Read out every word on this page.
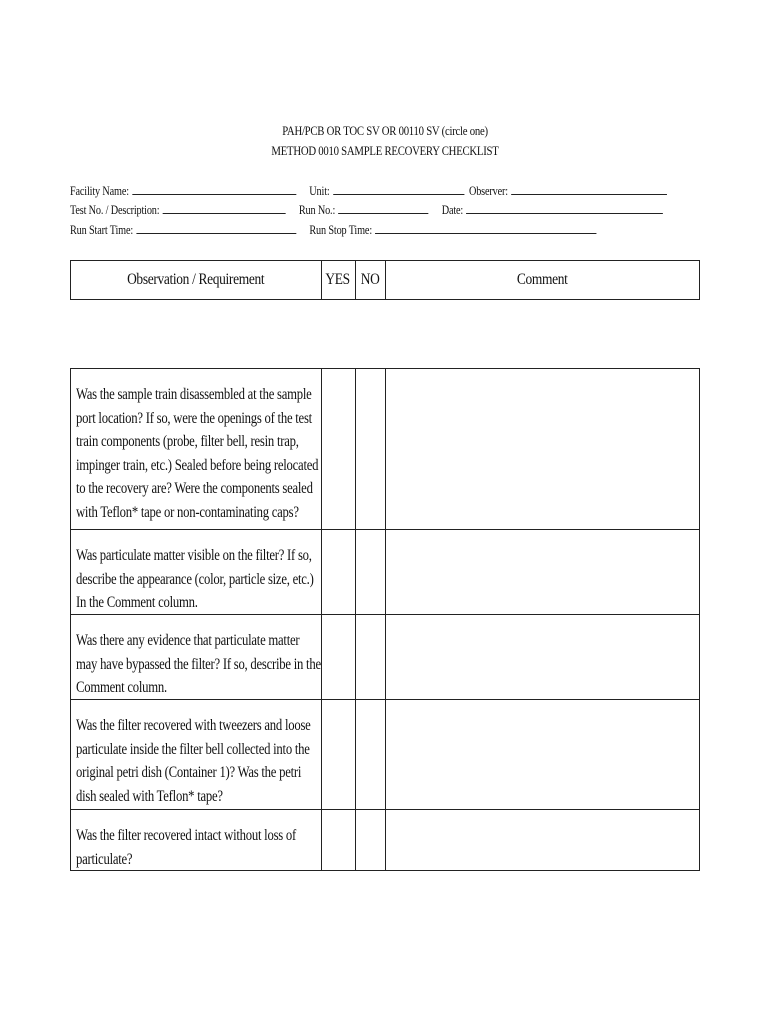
PAH/PCB OR TOC SV OR 00110 SV (circle one)
METHOD 0010 SAMPLE RECOVERY CHECKLIST
Facility Name:	Unit:	Observer:
Test No. / Description:	Run No.:	Date:
Run Start Time:	Run Stop Time:
Observation / Requirement	YES NO	Comment
Was the sample train disassembled at the sample port location? If so, were the openings of the test train components (probe, filter bell, resin trap, impinger train, etc.) Sealed before being relocated to the recovery are? Were the components sealed with Teflon* tape or non-contaminating caps?
Was particulate matter visible on the filter? If so, describe the appearance (color, particle size, etc.) In the Comment column.
Was there any evidence that particulate matter may have bypassed the filter? If so, describe in the Comment column.
Was the filter recovered with tweezers and loose particulate inside the filter bell collected into the original petri dish (Container 1)? Was the petri dish sealed with Teflon* tape?
Was the filter recovered intact without loss of particulate?
